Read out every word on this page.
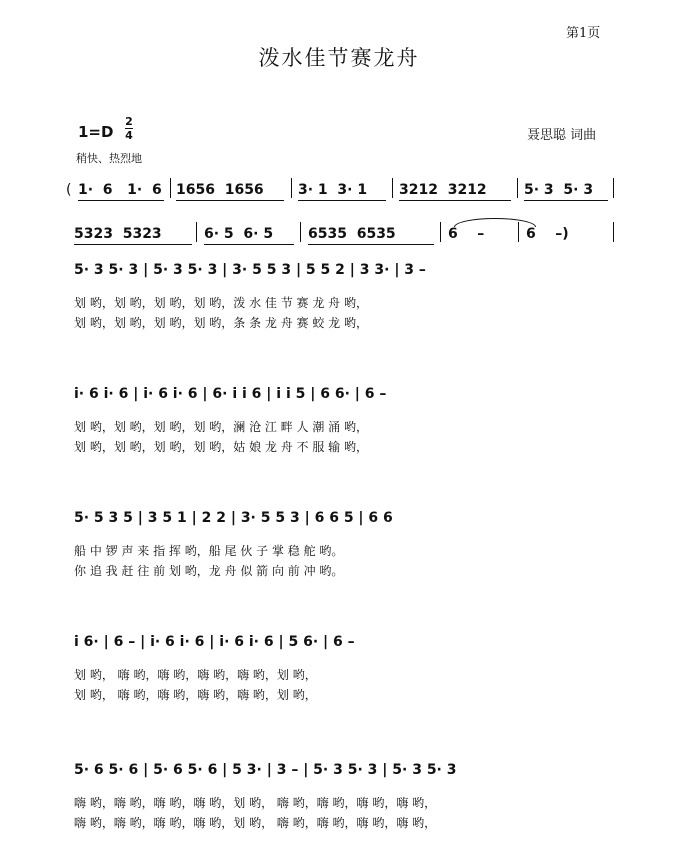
第1页
泼水佳节赛龙舟
1=D
2
4	聂思聪 词曲
稍快、热烈地
( 1·  6   1·  6 1656  1656 3· 1  3· 1 3212  3212	5· 3  5· 3
5323  5323	6· 5  6· 5 6535  6535	6    –	6    –)
5· 3 5· 3 | 5· 3 5· 3 | 3· 5 5 3 | 5 5 2 | 3 3· | 3 –
划 哟，划 哟，划 哟，划 哟，泼 水 佳 节 赛 龙 舟 哟，
划 哟，划 哟，划 哟，划 哟，条 条 龙 舟 赛 蛟 龙 哟，
i· 6 i· 6 | i· 6 i· 6 | 6· i i 6 | i i 5 | 6 6· | 6 –
划 哟，划 哟，划 哟，划 哟，澜 沧 江 畔 人 潮 涌 哟，
划 哟，划 哟，划 哟，划 哟，姑 娘 龙 舟 不 服 输 哟，
5· 5 3 5 | 3 5 1 | 2 2 | 3· 5 5 3 | 6 6 5 | 6 6
船 中 锣 声 来 指 挥 哟，船 尾 伙 子 掌 稳 舵 哟。
你 追 我 赶 往 前 划 哟，龙 舟 似 箭 向 前 冲 哟。
i 6· | 6 – | i· 6 i· 6 | i· 6 i· 6 | 5 6· | 6 –
划 哟， 嗨 哟，嗨 哟，嗨 哟，嗨 哟，划 哟，
划 哟， 嗨 哟，嗨 哟，嗨 哟，嗨 哟，划 哟，
5· 6 5· 6 | 5· 6 5· 6 | 5 3· | 3 – | 5· 3 5· 3 | 5· 3 5· 3
嗨 哟，嗨 哟，嗨 哟，嗨 哟，划 哟， 嗨 哟，嗨 哟，嗨 哟，嗨 哟，
嗨 哟，嗨 哟，嗨 哟，嗨 哟，划 哟， 嗨 哟，嗨 哟，嗨 哟，嗨 哟，
